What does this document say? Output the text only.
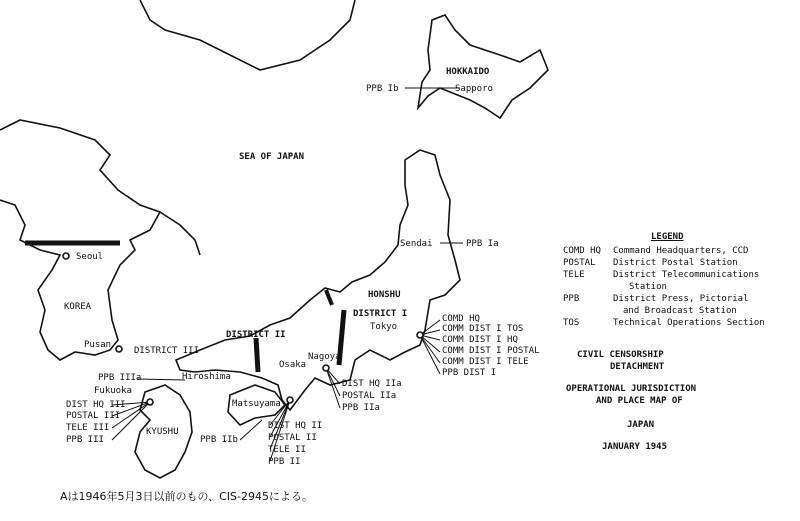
SEA OF JAPAN
HOKKAIDO
Sapporo
PPB Ib
Sendai	PPB Ia
HONSHU
DISTRICT I
Tokyo
DISTRICT II
DISTRICT III
Nagoya
Osaka
Hiroshima
Matsuyama
Fukuoka
KYUSHU
Seoul
KOREA
Pusan
COMD HQ
COMM DIST I TOS
COMM DIST I HQ
COMM DIST I POSTAL
COMM DIST I TELE
PPB DIST I
DIST HQ IIa
POSTAL IIa
PPB IIa
DIST HQ II
POSTAL II
TELE II
PPB II
PPB IIb
PPB IIIa
DIST HQ III
POSTAL III
TELE III
PPB III
LEGEND
COMD HQ Command Headquarters, CCD
POSTAL District Postal Station
TELE	District Telecommunications
Station
PPB	District Press, Pictorial
and Broadcast Station
TOS	Technical Operations Section
CIVIL CENSORSHIP
DETACHMENT
OPERATIONAL JURISDICTION
AND PLACE MAP OF
JAPAN
JANUARY 1945
Aは1946年5月3日以前のもの、CIS-2945による。
